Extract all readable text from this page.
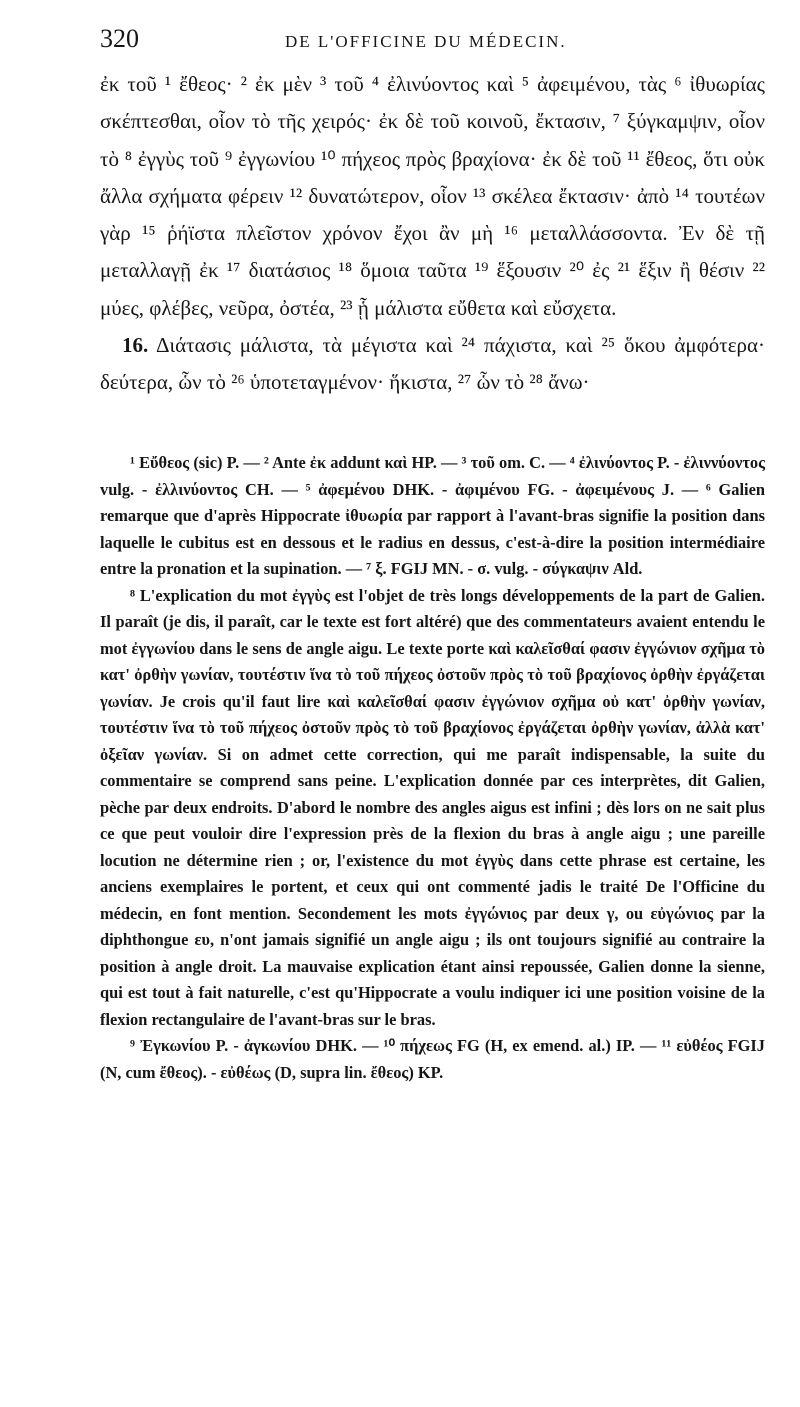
320	DE L'OFFICINE DU MÉDECIN.

ἐκ τοῦ ¹ ἔθεος· ² ἐκ μὲν ³ τοῦ ⁴ ἐλινύοντος καὶ ⁵ ἀφειμένου, τὰς ⁶ ἰθυωρίας σκέπτεσθαι, οἷον τὸ τῆς χειρός· ἐκ δὲ τοῦ κοινοῦ, ἔκτασιν, ⁷ ξύγκαμψιν, οἷον τὸ ⁸ ἐγγὺς τοῦ ⁹ ἐγγωνίου ¹⁰ πήχεος πρὸς βραχίονα· ἐκ δὲ τοῦ ¹¹ ἔθεος, ὅτι οὐκ ἄλλα σχήματα φέρειν ¹² δυνατώτερον, οἷον ¹³ σκέλεα ἔκτασιν· ἀπὸ ¹⁴ τουτέων γὰρ ¹⁵ ῥήϊστα πλεῖστον χρόνον ἔχοι ἂν μὴ ¹⁶ μεταλλάσσοντα. Ἐν δὲ τῇ μεταλλαγῇ ἐκ ¹⁷ διατάσιος ¹⁸ ὅμοια ταῦτα ¹⁹ ἕξουσιν ²⁰ ἐς ²¹ ἕξιν ἢ θέσιν ²² μύες, φλέβες, νεῦρα, ὀστέα, ²³ ᾗ μάλιστα εὔθετα καὶ εὔσχετα.

16. Διάτασις μάλιστα, τὰ μέγιστα καὶ ²⁴ πάχιστα, καὶ ²⁵ ὅκου ἀμφότερα· δεύτερα, ὧν τὸ ²⁶ ὑποτεταγμένον· ἥκιστα, ²⁷ ὧν τὸ ²⁸ ἄνω·

¹ Εὔθεος (sic) P. — ² Ante ἐκ addunt καὶ HP. — ³ τοῦ om. C. — ⁴ ἐλινύοντος P. - ἐλιννύοντος vulg. - ἐλλινύοντος CH. — ⁵ ἀφεμένου DHK. - ἀφιμένου FG. - ἀφειμένους J. — ⁶ Galien remarque que d'après Hippocrate ἰθυωρία par rapport à l'avant-bras signifie la position dans laquelle le cubitus est en dessous et le radius en dessus, c'est-à-dire la position intermédiaire entre la pronation et la supination. — ⁷ ξ. FGIJ MN. - σ. vulg. - σύγκαψιν Ald.

⁸ L'explication du mot ἐγγὺς est l'objet de très longs développements de la part de Galien. Il paraît (je dis, il paraît, car le texte est fort altéré) que des commentateurs avaient entendu le mot ἐγγωνίου dans le sens de angle aigu. Le texte porte καὶ καλεῖσθαί φασιν ἐγγώνιον σχῆμα τὸ κατ' ὀρθὴν γωνίαν, τουτέστιν ἵνα τὸ τοῦ πήχεος ὀστοῦν πρὸς τὸ τοῦ βραχίονος ὀρθὴν ἐργάζεται γωνίαν. Je crois qu'il faut lire καὶ καλεῖσθαί φασιν ἐγγώνιον σχῆμα οὐ κατ' ὀρθὴν γωνίαν, τουτέστιν ἵνα τὸ τοῦ πήχεος ὀστοῦν πρὸς τὸ τοῦ βραχίονος ἐργάζεται ὀρθὴν γωνίαν, ἀλλὰ κατ' ὀξεῖαν γωνίαν. Si on admet cette correction, qui me paraît indispensable, la suite du commentaire se comprend sans peine. L'explication donnée par ces interprètes, dit Galien, pèche par deux endroits. D'abord le nombre des angles aigus est infini ; dès lors on ne sait plus ce que peut vouloir dire l'expression près de la flexion du bras à angle aigu ; une pareille locution ne détermine rien ; or, l'existence du mot ἐγγὺς dans cette phrase est certaine, les anciens exemplaires le portent, et ceux qui ont commenté jadis le traité De l'Officine du médecin, en font mention. Secondement les mots ἐγγώνιος par deux γ, ou εὐγώνιος par la diphthongue ευ, n'ont jamais signifié un angle aigu ; ils ont toujours signifié au contraire la position à angle droit. La mauvaise explication étant ainsi repoussée, Galien donne la sienne, qui est tout à fait naturelle, c'est qu'Hippocrate a voulu indiquer ici une position voisine de la flexion rectangulaire de l'avant-bras sur le bras.

⁹ Ἐγκωνίου P. - ἀγκωνίου DHK. — ¹⁰ πήχεως FG (H, ex emend. al.) IP. — ¹¹ εὐθέος FGIJ (N, cum ἔθεος). - εὐθέως (D, supra lin. ἔθεος) KP.
